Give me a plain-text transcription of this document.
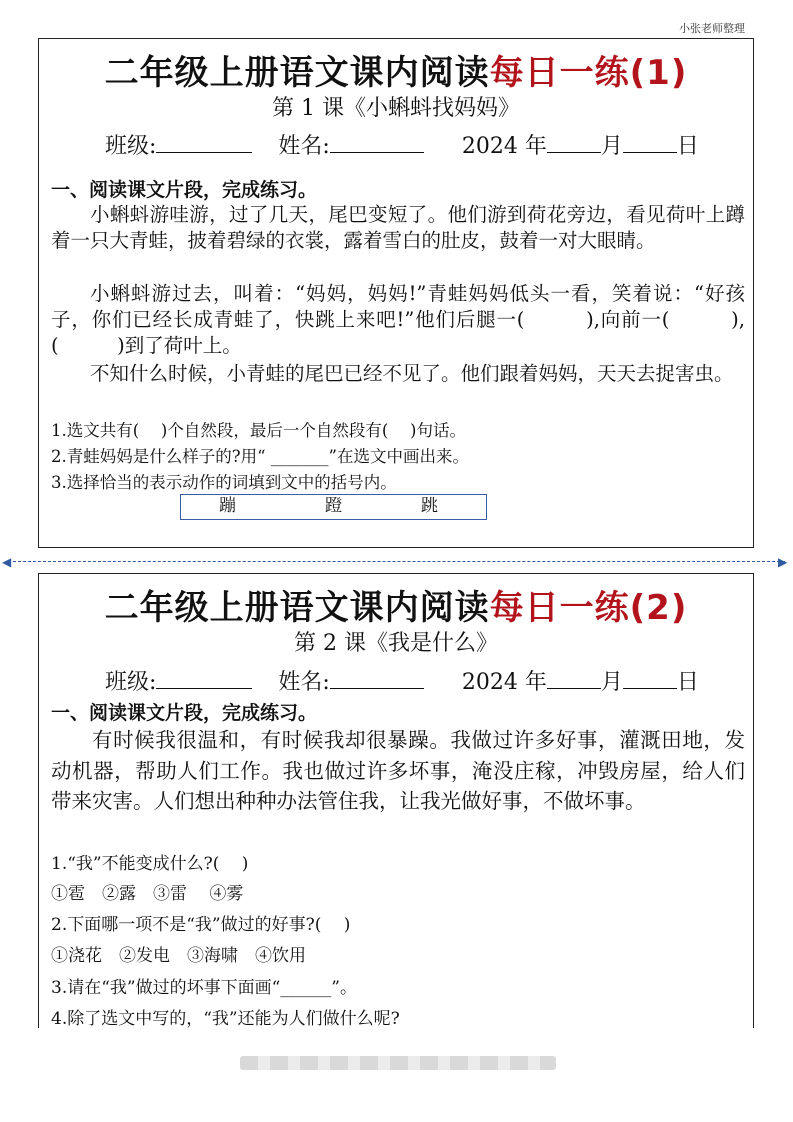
小张老师整理
二年级上册语文课内阅读每日一练(1)
第 1 课《小蝌蚪找妈妈》
班级:	姓名:	2024 年 月 日
一、阅读课文片段，完成练习。

小蝌蚪游哇游，过了几天，尾巴变短了。他们游到荷花旁边，看见荷叶上蹲着一只大青蛙，披着碧绿的衣裳，露着雪白的肚皮，鼓着一对大眼睛。

小蝌蚪游过去，叫着：“妈妈，妈妈!”青蛙妈妈低头一看，笑着说：“好孩子，你们已经长成青蛙了，快跳上来吧!”他们后腿一(　　　),向前一(　　　),(　　　)到了荷叶上。

不知什么时候，小青蛙的尾巴已经不见了。他们跟着妈妈，天天去捉害虫。

1.选文共有(　 )个自然段，最后一个自然段有(　 )句话。

2.青蛙妈妈是什么样子的?用“ _______”在选文中画出来。

3.选择恰当的表示动作的词填到文中的括号内。

蹦	蹬	跳
◀	▶
二年级上册语文课内阅读每日一练(2)
第 2 课《我是什么》
班级:	姓名:	2024 年 月 日
一、阅读课文片段，完成练习。

有时候我很温和，有时候我却很暴躁。我做过许多好事，灌溉田地，发动机器，帮助人们工作。我也做过许多坏事，淹没庄稼，冲毁房屋，给人们带来灾害。人们想出种种办法管住我，让我光做好事，不做坏事。

1.“我”不能变成什么?(　 )

①雹　②露　③雷　 ④雾

2.下面哪一项不是“我”做过的好事?(　 )

①浇花　②发电　③海啸　④饮用

3.请在“我”做过的坏事下面画“______”。

4.除了选文中写的，“我”还能为人们做什么呢?
